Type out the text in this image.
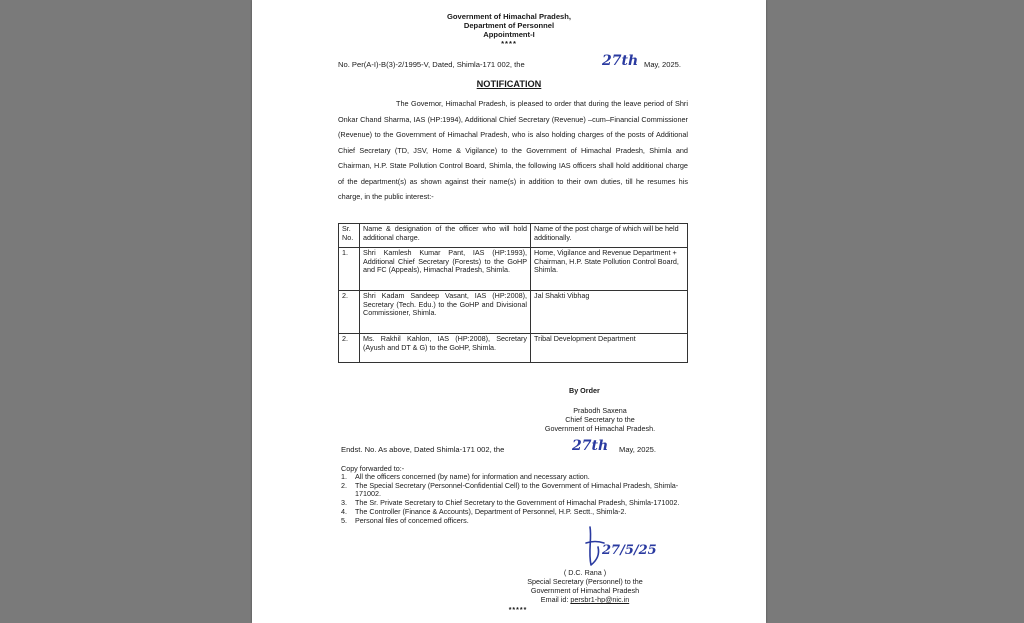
Government of Himachal Pradesh,
Department of Personnel
Appointment-I
****
No. Per(A-I)-B(3)-2/1995-V, Dated, Shimla-171 002, the	27th May, 2025.
NOTIFICATION
The Governor, Himachal Pradesh, is pleased to order that during the leave period of Shri Onkar Chand Sharma, IAS (HP:1994), Additional Chief Secretary (Revenue) –cum–Financial Commissioner (Revenue) to the Government of Himachal Pradesh, who is also holding charges of the posts of Additional Chief Secretary (TD, JSV, Home & Vigilance) to the Government of Himachal Pradesh, Shimla and Chairman, H.P. State Pollution Control Board, Shimla, the following IAS officers shall hold additional charge of the department(s) as shown against their name(s) in addition to their own duties, till he resumes his charge, in the public interest:-
Sr. No.	Name & designation of the officer who will hold additional charge.	Name of the post charge of which will be held additionally.
1.	Shri Kamlesh Kumar Pant, IAS (HP:1993), Additional Chief Secretary (Forests) to the GoHP and FC (Appeals), Himachal Pradesh, Shimla.	Home, Vigilance and Revenue Department + Chairman, H.P. State Pollution Control Board, Shimla.
2.	Shri Kadam Sandeep Vasant, IAS (HP:2008), Secretary (Tech. Edu.) to the GoHP and Divisional Commissioner, Shimla.	Jal Shakti Vibhag
2.	Ms. Rakhil Kahlon, IAS (HP:2008), Secretary (Ayush and DT & G) to the GoHP, Shimla.	Tribal Development Department
By Order
Prabodh Saxena
Chief Secretary to the
Government of Himachal Pradesh.
Endst. No. As above, Dated Shimla-171 002, the	27th May, 2025.
Copy forwarded to:-
1. All the officers concerned (by name) for information and necessary action.
2. The Special Secretary (Personnel-Confidential Cell) to the Government of Himachal Pradesh, Shimla-171002.
3. The Sr. Private Secretary to Chief Secretary to the Government of Himachal Pradesh, Shimla-171002.
4. The Controller (Finance & Accounts), Department of Personnel, H.P. Sectt., Shimla-2.
5. Personal files of concerned officers.
27/5/25
( D.C. Rana )
Special Secretary (Personnel) to the
Government of Himachal Pradesh
Email id: persbr1-hp@nic.in
*****
